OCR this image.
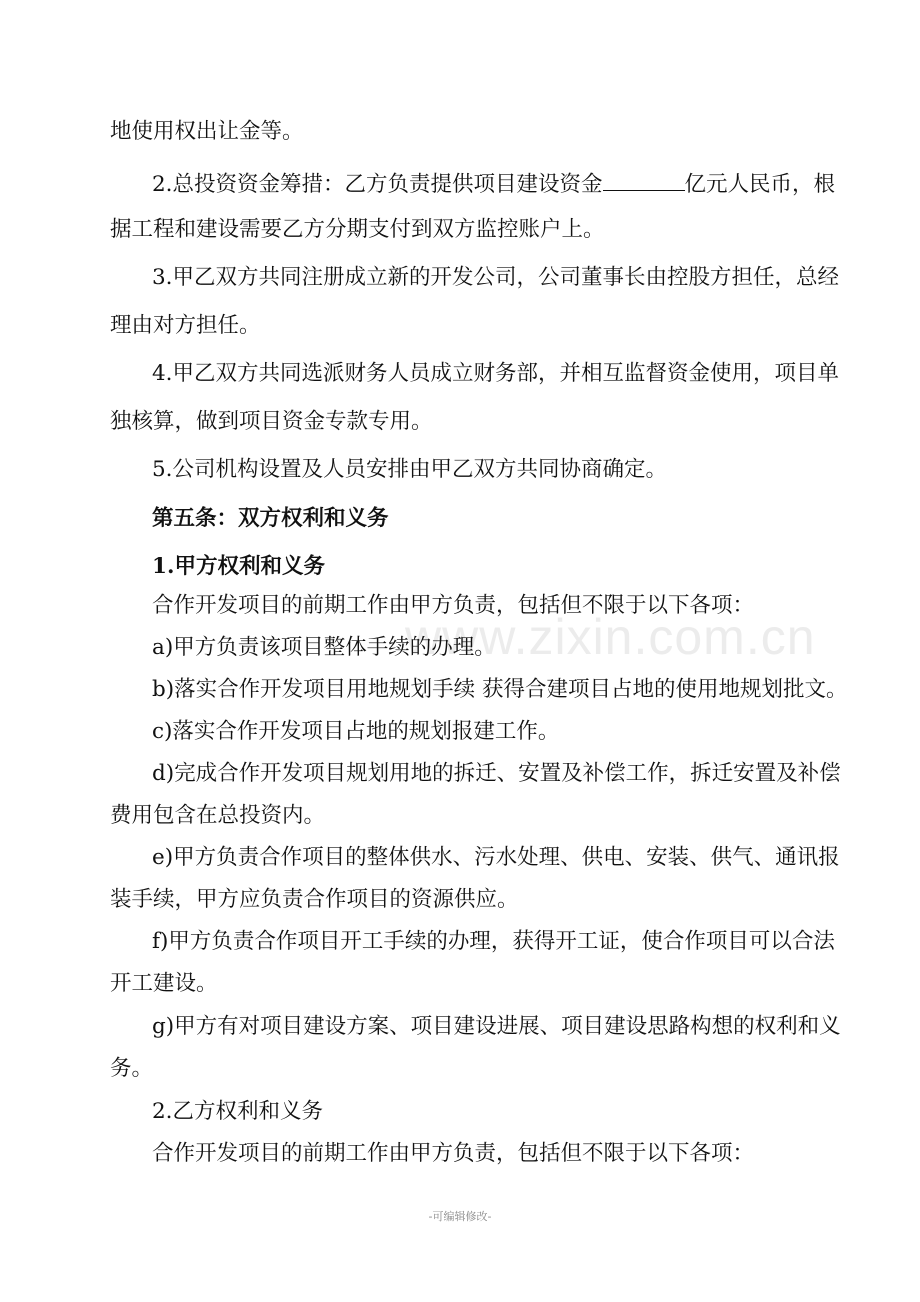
www.zixin.com.cn
地使用权出让金等。
2.总投资资金筹措：乙方负责提供项目建设资金	亿元人民币，根
据工程和建设需要乙方分期支付到双方监控账户上。
3.甲乙双方共同注册成立新的开发公司，公司董事长由控股方担任，总经
理由对方担任。
4.甲乙双方共同选派财务人员成立财务部，并相互监督资金使用，项目单
独核算，做到项目资金专款专用。
5.公司机构设置及人员安排由甲乙双方共同协商确定。
第五条：双方权利和义务
1.甲方权利和义务
合作开发项目的前期工作由甲方负责，包括但不限于以下各项：
a)甲方负责该项目整体手续的办理。
b)落实合作开发项目用地规划手续 获得合建项目占地的使用地规划批文。
c)落实合作开发项目占地的规划报建工作。
d)完成合作开发项目规划用地的拆迁、安置及补偿工作，拆迁安置及补偿
费用包含在总投资内。
e)甲方负责合作项目的整体供水、污水处理、供电、安装、供气、通讯报
装手续，甲方应负责合作项目的资源供应。
f)甲方负责合作项目开工手续的办理，获得开工证，使合作项目可以合法
开工建设。
g)甲方有对项目建设方案、项目建设进展、项目建设思路构想的权利和义
务。
2.乙方权利和义务
合作开发项目的前期工作由甲方负责，包括但不限于以下各项：
-可编辑修改-
